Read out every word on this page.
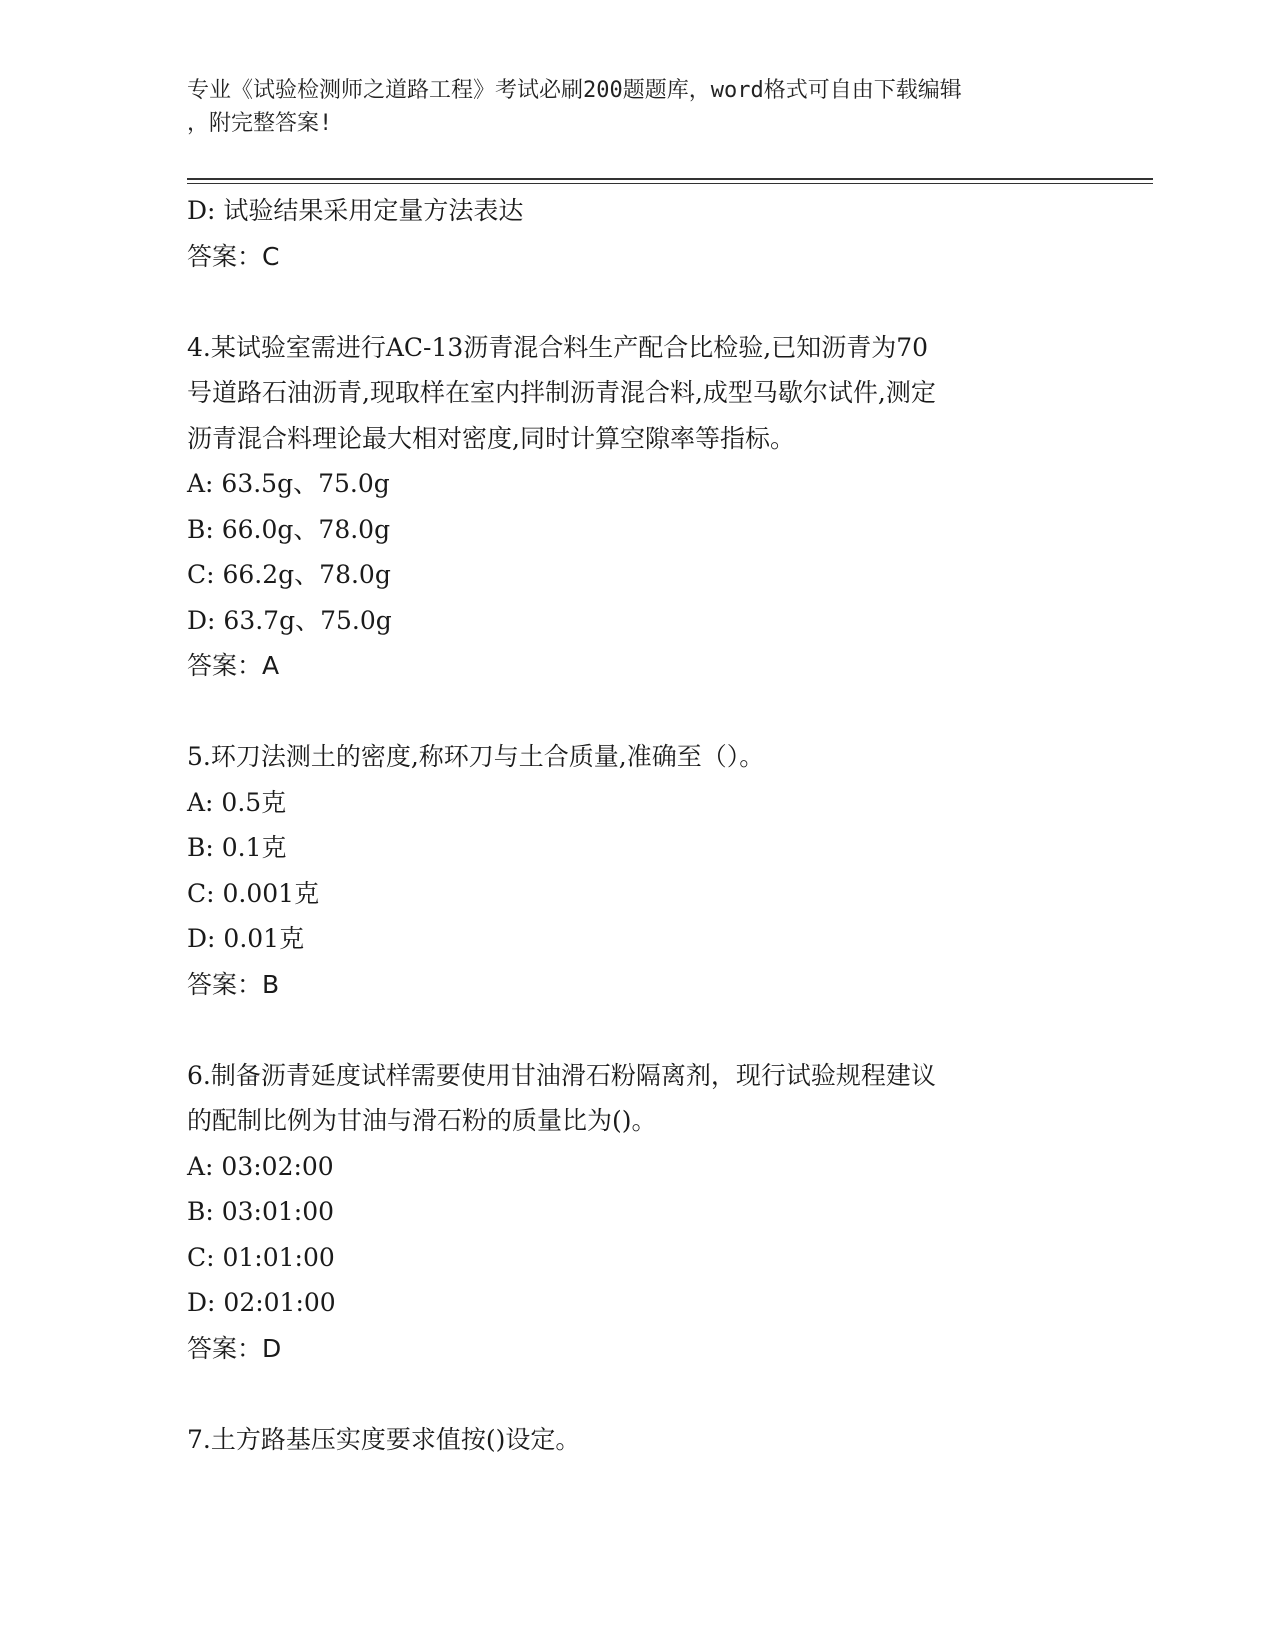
专业《试验检测师之道路工程》考试必刷200题题库，word格式可自由下载编辑
，附完整答案!
D: 试验结果采用定量方法表达
答案：C
4.某试验室需进行AC-13沥青混合料生产配合比检验,已知沥青为70
号道路石油沥青,现取样在室内拌制沥青混合料,成型马歇尔试件,测定
沥青混合料理论最大相对密度,同时计算空隙率等指标。
A: 63.5g、75.0g
B: 66.0g、78.0g
C: 66.2g、78.0g
D: 63.7g、75.0g
答案：A
5.环刀法测土的密度,称环刀与土合质量,准确至（）。
A: 0.5克
B: 0.1克
C: 0.001克
D: 0.01克
答案：B
6.制备沥青延度试样需要使用甘油滑石粉隔离剂，现行试验规程建议
的配制比例为甘油与滑石粉的质量比为()。
A: 03:02:00
B: 03:01:00
C: 01:01:00
D: 02:01:00
答案：D
7.土方路基压实度要求值按()设定。
